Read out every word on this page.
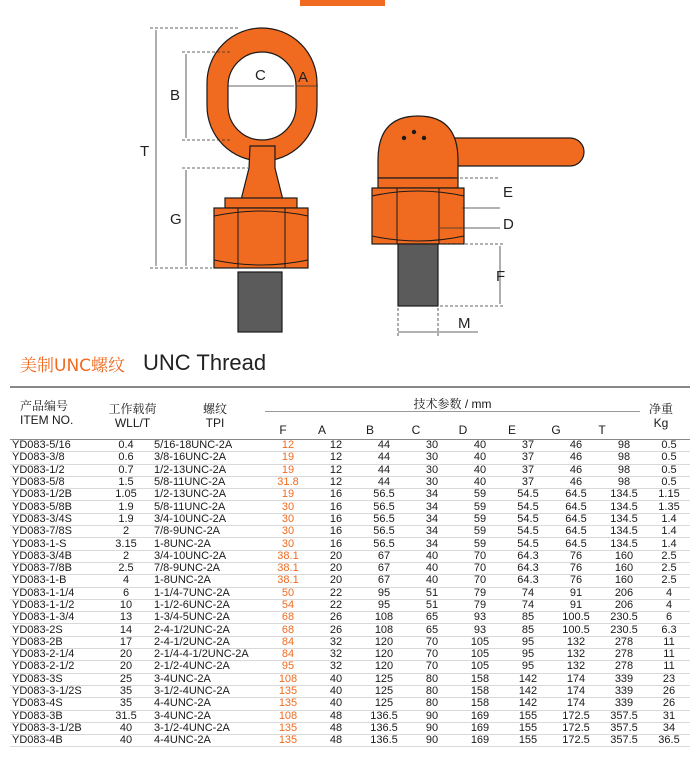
C A
T
B
G
E
D
F
M
美制UNC螺纹 UNC Thread
产品编号
ITEM NO.
工作载荷
WLL/T
螺纹
TPI
技术参数 / mm
F	A	B	C	D	E	G	T
净重
Kg
YD083-5/16	0.4	5/16-18UNC-2A	12	12	44	30	40	37	46	98	0.5
YD083-3/8	0.6	3/8-16UNC-2A	19	12	44	30	40	37	46	98	0.5
YD083-1/2	0.7	1/2-13UNC-2A	19	12	44	30	40	37	46	98	0.5
YD083-5/8	1.5	5/8-11UNC-2A	31.8	12	44	30	40	37	46	98	0.5
YD083-1/2B	1.05	1/2-13UNC-2A	19	16	56.5	34	59	54.5	64.5	134.5	1.15
YD083-5/8B	1.9	5/8-11UNC-2A	30	16	56.5	34	59	54.5	64.5	134.5	1.35
YD083-3/4S	1.9	3/4-10UNC-2A	30	16	56.5	34	59	54.5	64.5	134.5	1.4
YD083-7/8S	2	7/8-9UNC-2A	30	16	56.5	34	59	54.5	64.5	134.5	1.4
YD083-1-S	3.15	1-8UNC-2A	30	16	56.5	34	59	54.5	64.5	134.5	1.4
YD083-3/4B	2	3/4-10UNC-2A	38.1	20	67	40	70	64.3	76	160	2.5
YD083-7/8B	2.5	7/8-9UNC-2A	38.1	20	67	40	70	64.3	76	160	2.5
YD083-1-B	4	1-8UNC-2A	38.1	20	67	40	70	64.3	76	160	2.5
YD083-1-1/4	6	1-1/4-7UNC-2A	50	22	95	51	79	74	91	206	4
YD083-1-1/2	10	1-1/2-6UNC-2A	54	22	95	51	79	74	91	206	4
YD083-1-3/4	13	1-3/4-5UNC-2A	68	26	108	65	93	85	100.5	230.5	6
YD083-2S	14	2-4-1/2UNC-2A	68	26	108	65	93	85	100.5	230.5	6.3
YD083-2B	17	2-4-1/2UNC-2A	84	32	120	70	105	95	132	278	11
YD083-2-1/4	20	2-1/4-4-1/2UNC-2A	84	32	120	70	105	95	132	278	11
YD083-2-1/2	20	2-1/2-4UNC-2A	95	32	120	70	105	95	132	278	11
YD083-3S	25	3-4UNC-2A	108	40	125	80	158	142	174	339	23
YD083-3-1/2S	35	3-1/2-4UNC-2A	135	40	125	80	158	142	174	339	26
YD083-4S	35	4-4UNC-2A	135	40	125	80	158	142	174	339	26
YD083-3B	31.5	3-4UNC-2A	108	48	136.5	90	169	155	172.5	357.5	31
YD083-3-1/2B	40	3-1/2-4UNC-2A	135	48	136.5	90	169	155	172.5	357.5	34
YD083-4B	40	4-4UNC-2A	135	48	136.5	90	169	155	172.5	357.5	36.5
